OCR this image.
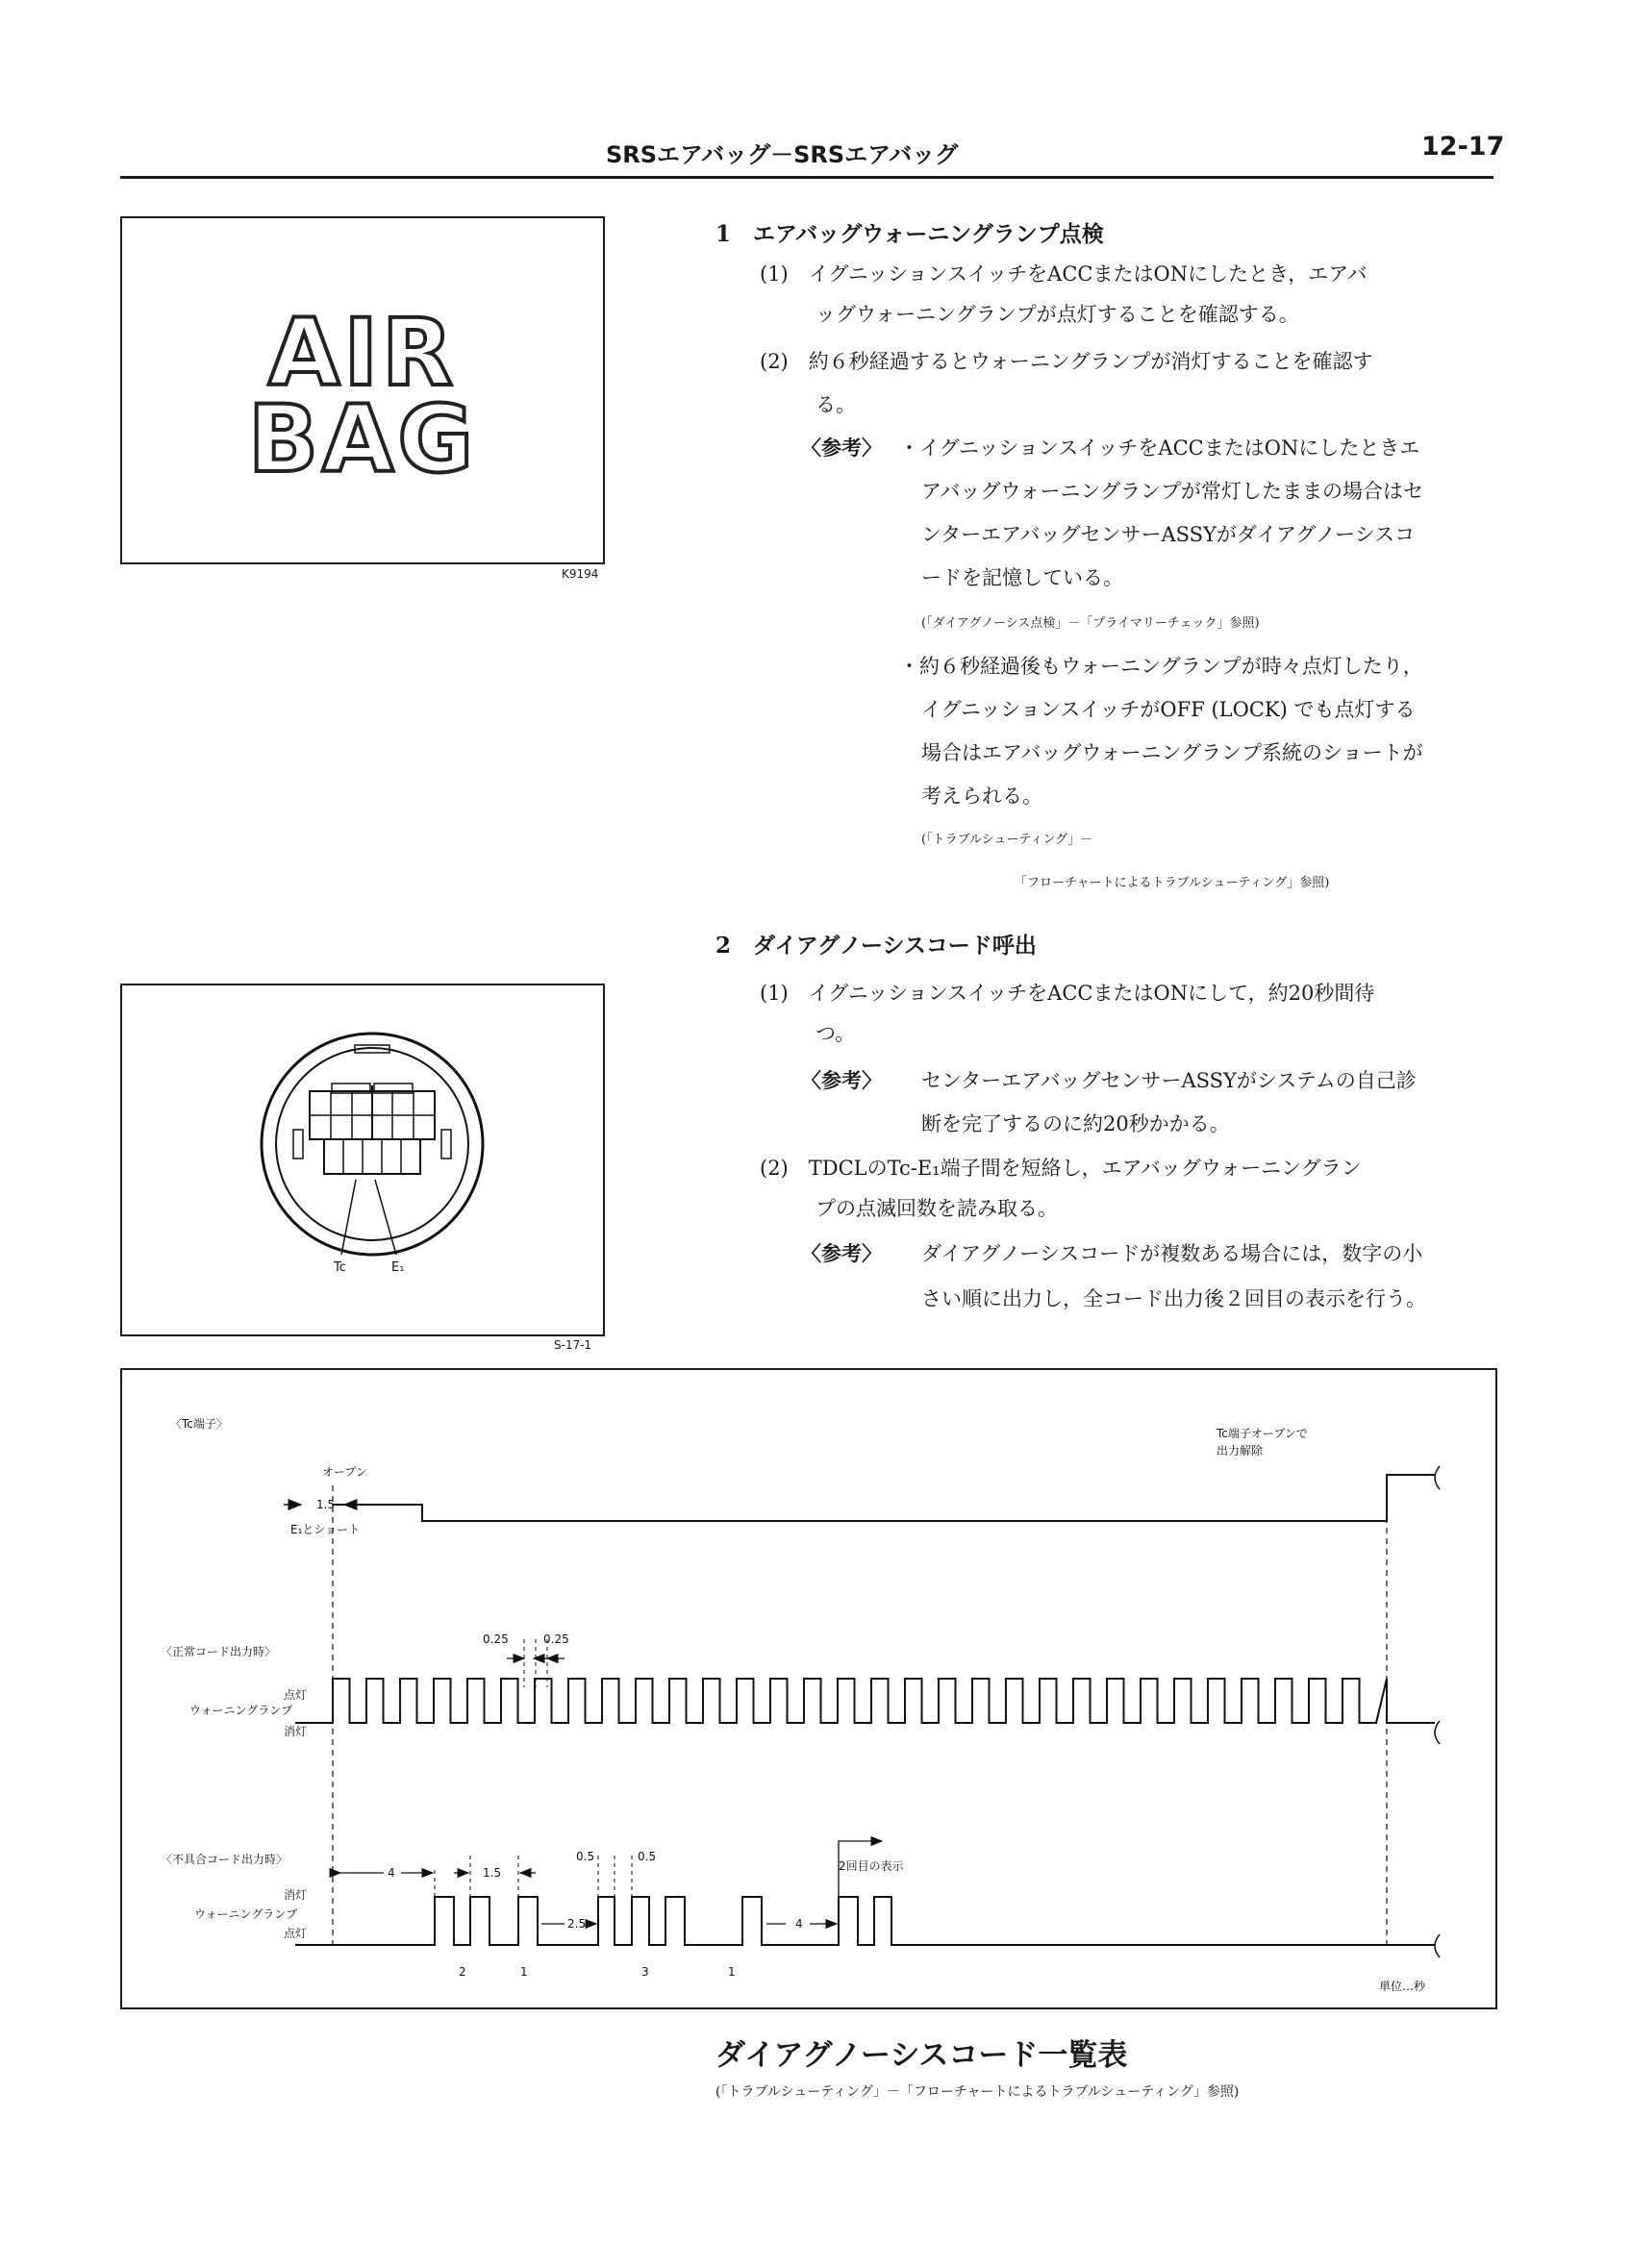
SRSエアバッグ－SRSエアバッグ	12-17
AIR
BAG
K9194
1　エアバッグウォーニングランプ点検
(1)　イグニッションスイッチをACCまたはONにしたとき，エアバ
ッグウォーニングランプが点灯することを確認する。
(2)　約６秒経過するとウォーニングランプが消灯することを確認す
る。
〈参考〉 ・イグニッションスイッチをACCまたはONにしたときエ
アバッグウォーニングランプが常灯したままの場合はセ
ンターエアバッグセンサーASSYがダイアグノーシスコ
ードを記憶している。
(「ダイアグノーシス点検」－「プライマリーチェック」参照)
・約６秒経過後もウォーニングランプが時々点灯したり，
イグニッションスイッチがOFF (LOCK) でも点灯する
場合はエアバッグウォーニングランプ系統のショートが
考えられる。
(「トラブルシューティング」－
「フローチャートによるトラブルシューティング」参照)
Tc	E₁
S-17-1
2　ダイアグノーシスコード呼出
(1)　イグニッションスイッチをACCまたはONにして，約20秒間待
つ。
〈参考〉 センターエアバッグセンサーASSYがシステムの自己診
断を完了するのに約20秒かかる。
(2)　TDCLのTc-E₁端子間を短絡し，エアバッグウォーニングラン
プの点滅回数を読み取る。
〈参考〉 ダイアグノーシスコードが複数ある場合には，数字の小
さい順に出力し，全コード出力後２回目の表示を行う。
〈Tc端子〉
オープン
E₁とショート
Tc端子オープンで
出力解除
1.5
〈正常コード出力時〉
ウォーニングランプ
点灯
消灯
0.25	0.25
〈不具合コード出力時〉
ウォーニングランプ
消灯
点灯
4	1.5
2.5
0.5	0.5
4
2回目の表示
2	1	3	1
単位…秒
ダイアグノーシスコード一覧表
(「トラブルシューティング」－「フローチャートによるトラブルシューティング」参照)
